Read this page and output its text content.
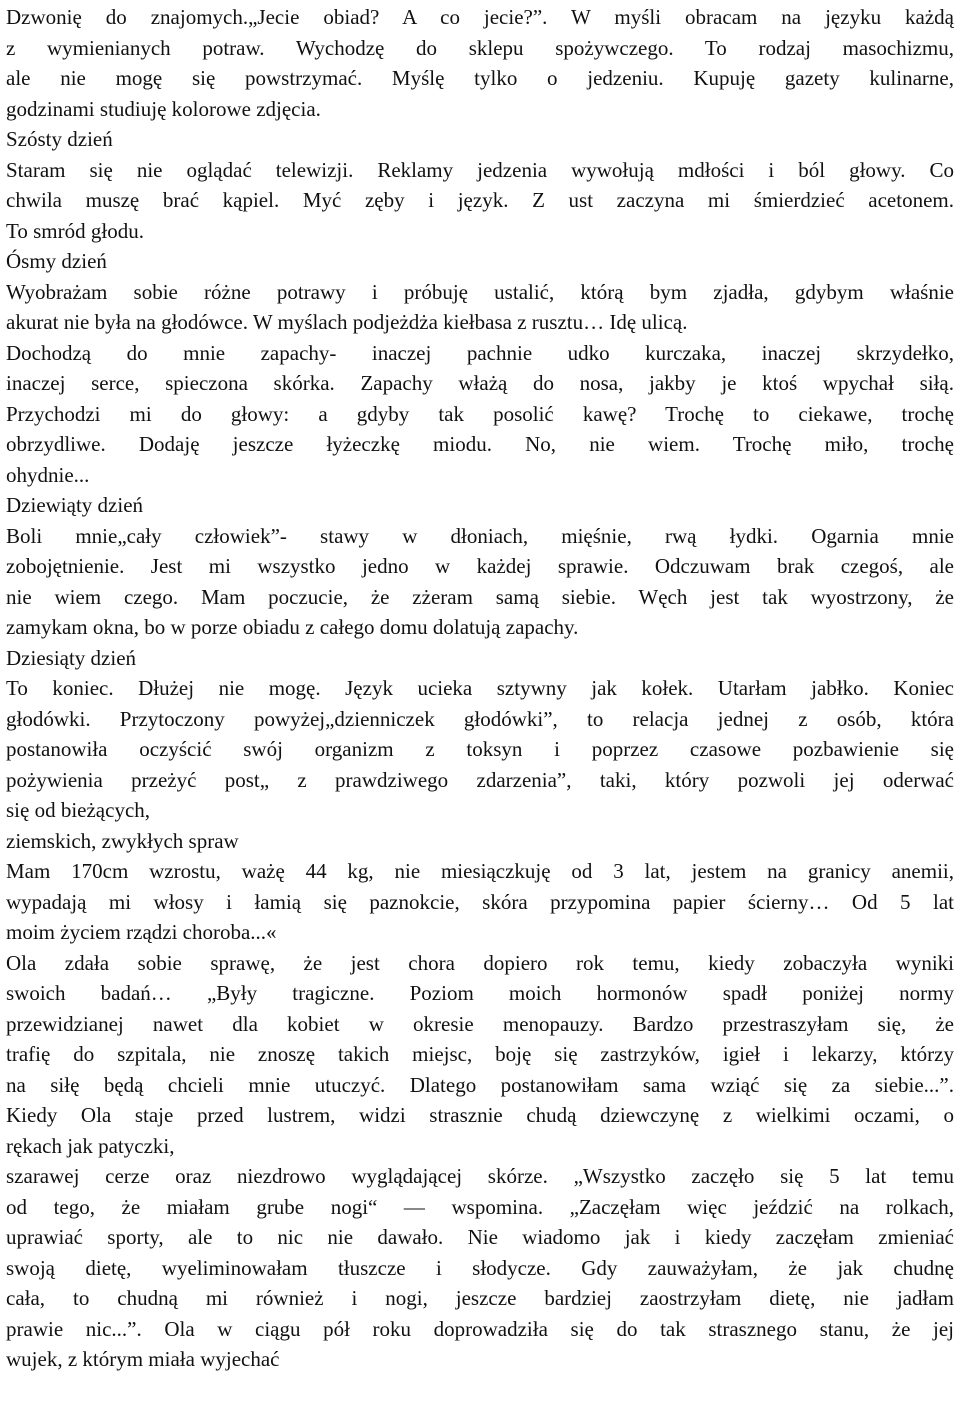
Dzwonię do znajomych.„Jecie obiad? A co jecie?”. W myśli obracam na języku każdą
z wymienianych potraw. Wychodzę do sklepu spożywczego. To rodzaj masochizmu,
ale nie mogę się powstrzymać. Myślę tylko o jedzeniu. Kupuję gazety kulinarne,
godzinami studiuję kolorowe zdjęcia.
Szósty dzień
Staram się nie oglądać telewizji. Reklamy jedzenia wywołują mdłości i ból głowy. Co
chwila muszę brać kąpiel. Myć zęby i język. Z ust zaczyna mi śmierdzieć acetonem.
To smród głodu.
Ósmy dzień
Wyobrażam sobie różne potrawy i próbuję ustalić, którą bym zjadła, gdybym właśnie
akurat nie była na głodówce. W myślach podjeżdża kiełbasa z rusztu… Idę ulicą.
Dochodzą do mnie zapachy- inaczej pachnie udko kurczaka, inaczej skrzydełko,
inaczej serce, spieczona skórka. Zapachy włażą do nosa, jakby je ktoś wpychał siłą.
Przychodzi mi do głowy: a gdyby tak posolić kawę? Trochę to ciekawe, trochę
obrzydliwe. Dodaję jeszcze łyżeczkę miodu. No, nie wiem. Trochę miło, trochę
ohydnie...
Dziewiąty dzień
Boli mnie„cały człowiek”- stawy w dłoniach, mięśnie, rwą łydki. Ogarnia mnie
zobojętnienie. Jest mi wszystko jedno w każdej sprawie. Odczuwam brak czegoś, ale
nie wiem czego. Mam poczucie, że zżeram samą siebie. Węch jest tak wyostrzony, że
zamykam okna, bo w porze obiadu z całego domu dolatują zapachy.
Dziesiąty dzień
To koniec. Dłużej nie mogę. Język ucieka sztywny jak kołek. Utarłam jabłko. Koniec
głodówki. Przytoczony powyżej„dzienniczek głodówki”, to relacja jednej z osób, która
postanowiła oczyścić swój organizm z toksyn i poprzez czasowe pozbawienie się
pożywienia przeżyć post„ z prawdziwego zdarzenia”, taki, który pozwoli jej oderwać
się od bieżących,
ziemskich, zwykłych spraw
Mam 170cm wzrostu, ważę 44 kg, nie miesiączkuję od 3 lat, jestem na granicy anemii,
wypadają mi włosy i łamią się paznokcie, skóra przypomina papier ścierny… Od 5 lat
moim życiem rządzi choroba...«
Ola zdała sobie sprawę, że jest chora dopiero rok temu, kiedy zobaczyła wyniki
swoich badań… „Były tragiczne. Poziom moich hormonów spadł poniżej normy
przewidzianej nawet dla kobiet w okresie menopauzy. Bardzo przestraszyłam się, że
trafię do szpitala, nie znoszę takich miejsc, boję się zastrzyków, igieł i lekarzy, którzy
na siłę będą chcieli mnie utuczyć. Dlatego postanowiłam sama wziąć się za siebie...”.
Kiedy Ola staje przed lustrem, widzi strasznie chudą dziewczynę z wielkimi oczami, o
rękach jak patyczki,
szarawej cerze oraz niezdrowo wyglądającej skórze. „Wszystko zaczęło się 5 lat temu
od tego, że miałam grube nogi“ — wspomina. „Zaczęłam więc jeździć na rolkach,
uprawiać sporty, ale to nic nie dawało. Nie wiadomo jak i kiedy zaczęłam zmieniać
swoją dietę, wyeliminowałam tłuszcze i słodycze. Gdy zauważyłam, że jak chudnę
cała, to chudną mi również i nogi, jeszcze bardziej zaostrzyłam dietę, nie jadłam
prawie nic...”. Ola w ciągu pół roku doprowadziła się do tak strasznego stanu, że jej
wujek, z którym miała wyjechać
